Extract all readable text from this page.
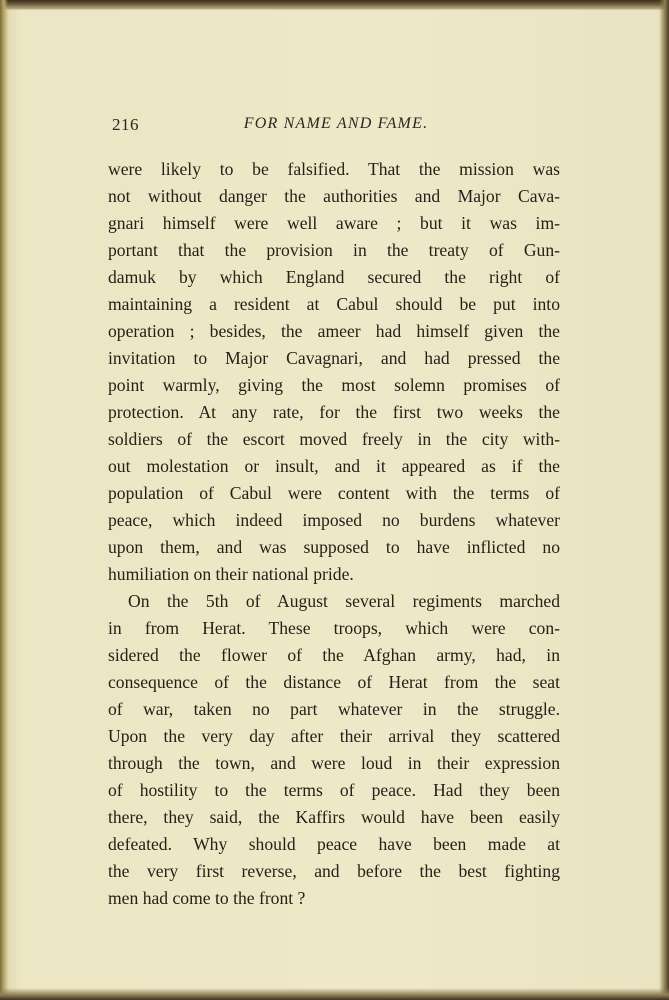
216	FOR NAME AND FAME.
were likely to be falsified. That the mission was
not without danger the authorities and Major Cava-
gnari himself were well aware ; but it was im-
portant that the provision in the treaty of Gun-
damuk by which England secured the right of
maintaining a resident at Cabul should be put into
operation ; besides, the ameer had himself given the
invitation to Major Cavagnari, and had pressed the
point warmly, giving the most solemn promises of
protection. At any rate, for the first two weeks the
soldiers of the escort moved freely in the city with-
out molestation or insult, and it appeared as if the
population of Cabul were content with the terms of
peace, which indeed imposed no burdens whatever
upon them, and was supposed to have inflicted no
humiliation on their national pride.
On the 5th of August several regiments marched
in from Herat. These troops, which were con-
sidered the flower of the Afghan army, had, in
consequence of the distance of Herat from the seat
of war, taken no part whatever in the struggle.
Upon the very day after their arrival they scattered
through the town, and were loud in their expression
of hostility to the terms of peace. Had they been
there, they said, the Kaffirs would have been easily
defeated. Why should peace have been made at
the very first reverse, and before the best fighting
men had come to the front ?
